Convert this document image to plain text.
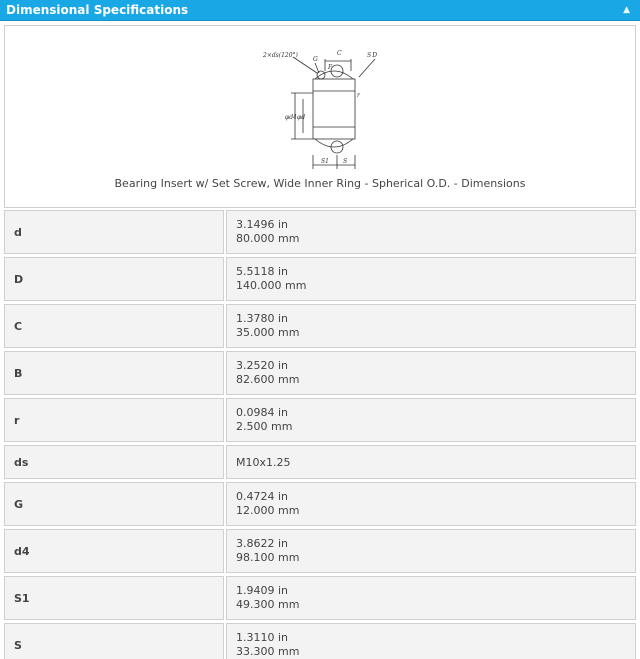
Dimensional Specifications	▲
2×ds(120°)
G
C
F
S D
r
φd4 φd
S1 S
Bearing Insert w/ Set Screw, Wide Inner Ring - Spherical O.D. - Dimensions
d
3.1496 in
80.000 mm
D
5.5118 in
140.000 mm
C
1.3780 in
35.000 mm
B
3.2520 in
82.600 mm
r
0.0984 in
2.500 mm
ds	M10x1.25
G
0.4724 in
12.000 mm
d4
3.8622 in
98.100 mm
S1
1.9409 in
49.300 mm
S
1.3110 in
33.300 mm
